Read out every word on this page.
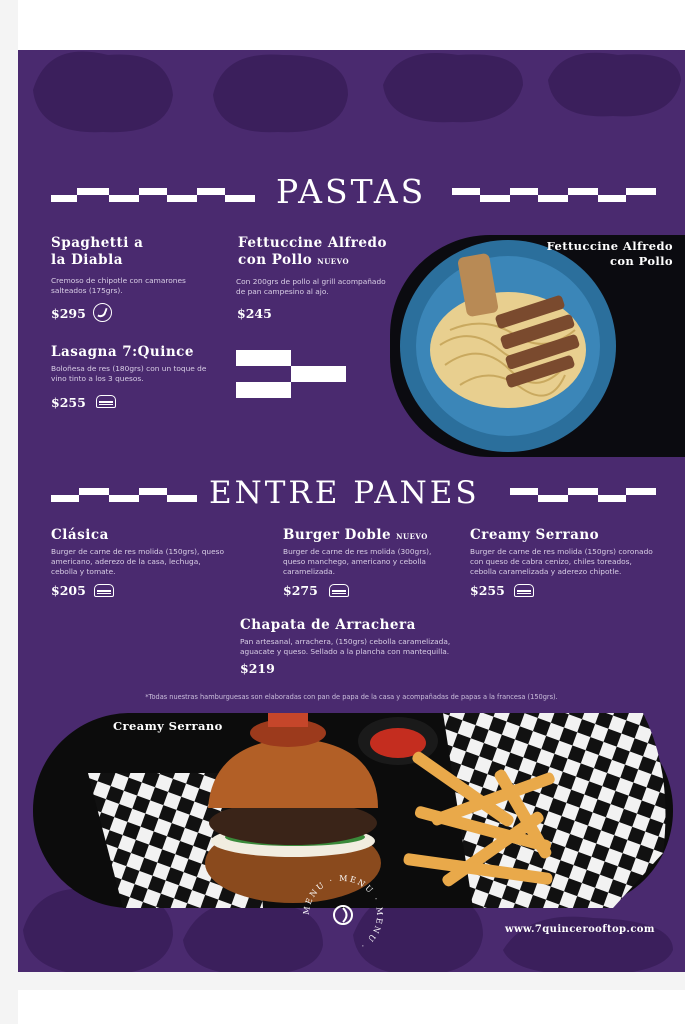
PASTAS
Spaghetti a
la Diabla
Cremoso de chipotle con camarones
salteados (175grs).
$295
Fettuccine Alfredo
con Pollo NUEVO
Con 200grs de pollo al grill acompañado
de pan campesino al ajo.
$245
Lasagna 7:Quince
Boloñesa de res (180grs) con un toque de
vino tinto a los 3 quesos.
$255
Fettuccine Alfredo
con Pollo
ENTRE PANES
Clásica
Burger de carne de res molida (150grs), queso
americano, aderezo de la casa, lechuga,
cebolla y tomate.
$205
Burger Doble NUEVO
Burger de carne de res molida (300grs),
queso manchego, americano y cebolla
caramelizada.
$275
Creamy Serrano
Burger de carne de res molida (150grs) coronado
con queso de cabra cenizo, chiles toreados,
cebolla caramelizada y aderezo chipotle.
$255
Chapata de Arrachera
Pan artesanal, arrachera, (150grs) cebolla caramelizada,
aguacate y queso. Sellado a la plancha con mantequilla.
$219
*Todas nuestras hamburguesas son elaboradas con pan de papa de la casa y acompañadas de papas a la francesa (150grs).
Creamy Serrano
MENU · MENU · MENU ·
www.7quincerooftop.com
